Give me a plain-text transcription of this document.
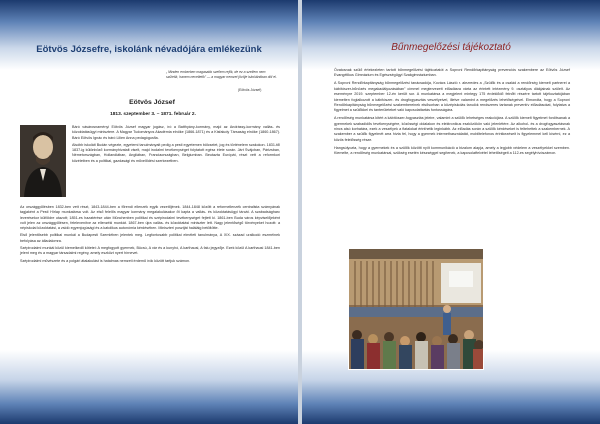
Eötvös Józsefre, iskolánk névadójára emlékezünk
„ Minden emberben magasabb szellem rejlik, de ez a szellem nem születik, hanem neveltetik” — a magyar nemzet jövője iskoláinkban dől el.
(Eötvös József)
Eötvös József
1813. szeptember 3. – 1871. február 2.

Báró vásárosnaményi Eötvös József magyar jogász, író a Batthyány-kormány, majd az Andrássy-kormány vallás- és közoktatásügyi minisztere. A Magyar Tudományos Akadémia elnöke (1866-1871) és a Kisfaludy Társaság elnöke (1860-1867). Báró Eötvös Ignác és báró Lilien Anna pedagógusfia.

Alsóbb iskoláit Budán végezte, egyetemi tanulmányait pedig a pesti egyetemen bölcselet, jog és történelem szakokon. 1831-től 1837-ig különböző kormányhivatalt viselt, majd irodalmi tevékenységet folytatott egész élete során. Járt Svájcban, Párizsban, Németországban, Hollandiában, Angliában, Franciaországban, Belgiumban. Beutazta Európát, részt vett a reformkori közéletben és a politikai, gazdasági és művelődési szerkezetben.

Az országgyűlésben 1832-ben vett részt, 1843-1844-ben a főrendi ellenzék egyik vezetőjének. 1844-1848 között a reformellenzék centralista szárnyának tagjaként a Pesti Hírlap munkatársa volt. Az első felelős magyar kormány megalakulásakor őt kapta a vallás- és közoktatásügyi tárcát. A szabadságharc leverésekor külföldre utazott; 1851-es hazatérése után Münchenben politikai és szépirodalmi tevékenységet fejtett ki. 1861-ben Buda város képviselőjeként volt jelen az országgyűlésen, felelevenítve az ellenzéki munkát. 1867-ben újra vallás- és közoktatási miniszter lett. Nagy jelentőségű törvényeket hozott: a népiskolai közoktatási, a zsidó egyenjogúsági és a katolikus autonómia kérdésében. Miniszteri posztját haláláig betöltötte.

Első jelentősebb politikai munkái a Budapesti Szemlében jelentek meg. Legfontosabb politikai elméleti tanulmánya, A XIX. század uralkodó eszméinek befolyása az álladalomra.

Szépirodalmi munkái közül kiemelkedő kötetei: A megfogyott gyermek, Bûcsú, A vár és a kunyhó, A karthausi, A falu jegyzője. Ezek közül A karthausi 1841-ben jelent meg és a magyar társadalmi regény, amely eszközt nyert hírnevet.

Szépirodalmi művészete és a polgári átalakulást is hatalmas nemzeti érdemű írók között tartjuk számon.

Bűnmegelőzési tájékoztató

Óvatosnak szülő értekezleten tartott bűnmegelőzési tájékoztatót a Soproni Rendőrkapitányság prevenciós szakembere az Eötvös József Evangélikus Gimnázium és Egészségügyi Szakgimnáziumban.

A Soproni Rendőrkapitányság bűnmegelőzési tanácsadója, Kovács László r. alezredes a „Szülők és a család a rendőrség kiemelt partnerei a kábítószer-bűnözés megakadályozásában” címmel megtervezett előadásra várta az érintett intézmény 9. osztályos diákjainak szüleit. Az eseményre 2019. szeptember 12-én került sor. A munkatársa a megjelent mintegy 175 érdeklődő felnőtt részére tartott tájékoztatójában kiemelten foglalkozott a kábítószer- és drogfogyasztás veszélyeivel, illetve valamint a megelőzés lehetőségeivel. Elmondta, hogy a Soproni Rendőrkapitányság bűnmegelőzési szakembereinek elsősorban a középiskolás tanulók rendszeres tartanak preventív előadásokat, folytatva a figyelmet a szülőkkel és tanterületeket való kapcsolattartás fontosságára.

A rendőrség munkatársa kitért a kábítószer-fogyasztás jeleire, valamint a szülők lehetséges reakciójára. A szülők kiemelt figyelmet fordítsanak a gyermekek szabadidős tevékenységére, közösségi oldalakon és elektronikus eszközökön való jelenlétére. Az alkohol- és a drogfogyasztásnak nincs alsó korhatára, ezek a veszélyek a fiatalokat érinthetik leginkább. Az előadás során a szülők kérdéseket is feltehettek a szakembernek. A szakember a szülők figyelmét arra hívta fel, hogy a gyermek internethasználatát, mobiltelefonos érintkezéseit is figyelemmel kell kísérni, ez a közös felelősség része.

Hangsúlyozta, hogy a gyermekek és a szülők közötti nyílt kommunikáció a bizalom alapja, amely a legjobb védelem a veszélyekkel szemben. Kiemelte, a rendőrség munkatársai, szükség esetén készséggel segítenek, a kapcsolatfelvétel lehetőségeit a 112-es segélyhívószámon.
